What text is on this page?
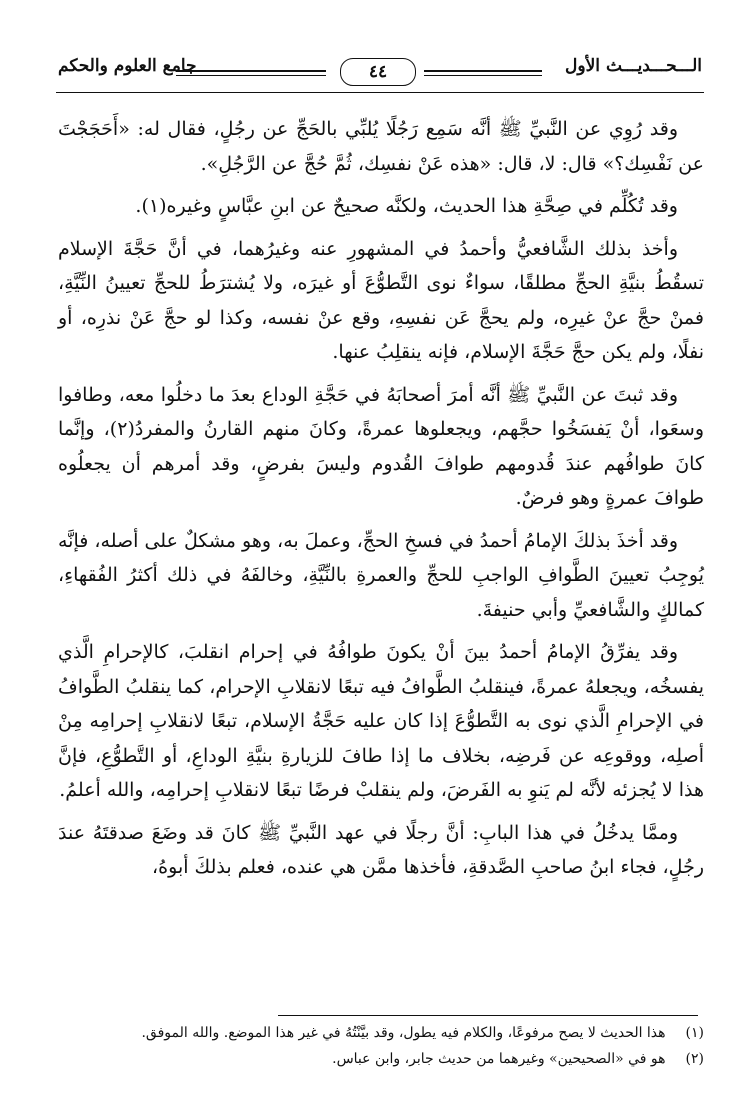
جامع العلوم والحكم	٤٤	الـــحـــديـــث الأول

وقد رُوِي عن النَّبيِّ ﷺ أنَّه سَمِع رَجُلًا يُلبِّي بالحَجِّ عن رجُلٍ، فقال له: «أَحَجَجْتَ عن نَفْسِك؟» قال: لا، قال: «هذه عَنْ نفسِك، ثُمَّ حُجَّ عن الرَّجُلِ».

وقد تُكُلِّم في صِحَّةِ هذا الحديث، ولكنَّه صحيحٌ عن ابنِ عبَّاسٍ وغيره(١).

وأخذ بذلك الشَّافعيُّ وأحمدُ في المشهورِ عنه وغيرُهما، في أنَّ حَجَّةَ الإسلام تسقُطُ بنيَّةِ الحجِّ مطلقًا، سواءٌ نوى التَّطوُّعَ أو غيرَه، ولا يُشترَطُ للحجِّ تعيينُ النِّيَّةِ، فمنْ حجَّ عنْ غيرِه، ولم يحجَّ عَن نفسِهِ، وقع عنْ نفسه، وكذا لو حجَّ عَنْ نذرِه، أو نفلًا، ولم يكن حجَّ حَجَّةَ الإسلام، فإنه ينقلِبُ عنها.

وقد ثبتَ عن النَّبيِّ ﷺ أنَّه أمرَ أصحابَهُ في حَجَّةِ الوداع بعدَ ما دخلُوا معه، وطافوا وسعَوا، أنْ يَفسَخُوا حجَّهم، ويجعلوها عمرةً، وكانَ منهم القارنُ والمفردُ(٢)، وإنَّما كانَ طوافُهم عندَ قُدومهم طوافَ القُدوم وليسَ بفرضٍ، وقد أمرهم أن يجعلُوه طوافَ عمرةٍ وهو فرضٌ.

وقد أخذَ بذلكَ الإمامُ أحمدُ في فسخِ الحجِّ، وعملَ به، وهو مشكلٌ على أصله، فإنَّه يُوجِبُ تعيينَ الطَّوافِ الواجبِ للحجِّ والعمرةِ بالنِّيَّةِ، وخالفَهُ في ذلك أكثرُ الفُقهاءِ، كمالكٍ والشَّافعيِّ وأبي حنيفةَ.

وقد يفرِّقُ الإمامُ أحمدُ بينَ أنْ يكونَ طوافُهُ في إحرام انقلبَ، كالإحرامِ الَّذي يفسخُه، ويجعلهُ عمرةً، فينقلبُ الطَّوافُ فيه تبعًا لانقلابِ الإحرام، كما ينقلبُ الطَّوافُ في الإحرامِ الَّذي نوى به التَّطوُّعَ إذا كان عليه حَجَّةُ الإسلام، تبعًا لانقلابِ إحرامِه مِنْ أصلِه، ووقوعِه عن فَرضِه، بخلاف ما إذا طافَ للزيارةِ بنيَّةِ الوداعِ، أو التَّطوُّعِ، فإنَّ هذا لا يُجزئه لأنَّه لم يَنوِ به الفَرضَ، ولم ينقلبْ فرضًا تبعًا لانقلابِ إحرامِه، والله أعلمُ.

وممَّا يدخُلُ في هذا البابِ: أنَّ رجلًا في عهد النَّبيِّ ﷺ كانَ قد وضَعَ صدقتَهُ عندَ رجُلٍ، فجاء ابنُ صاحبِ الصَّدقةِ، فأخذها ممَّن هي عنده، فعلم بذلكَ أبوهُ،

(١) هذا الحديث لا يصح مرفوعًا، والكلام فيه يطول، وقد بيَّنْتُهُ في غير هذا الموضع. والله الموفق.

(٢) هو في «الصحيحين» وغيرهما من حديث جابر، وابن عباس.
